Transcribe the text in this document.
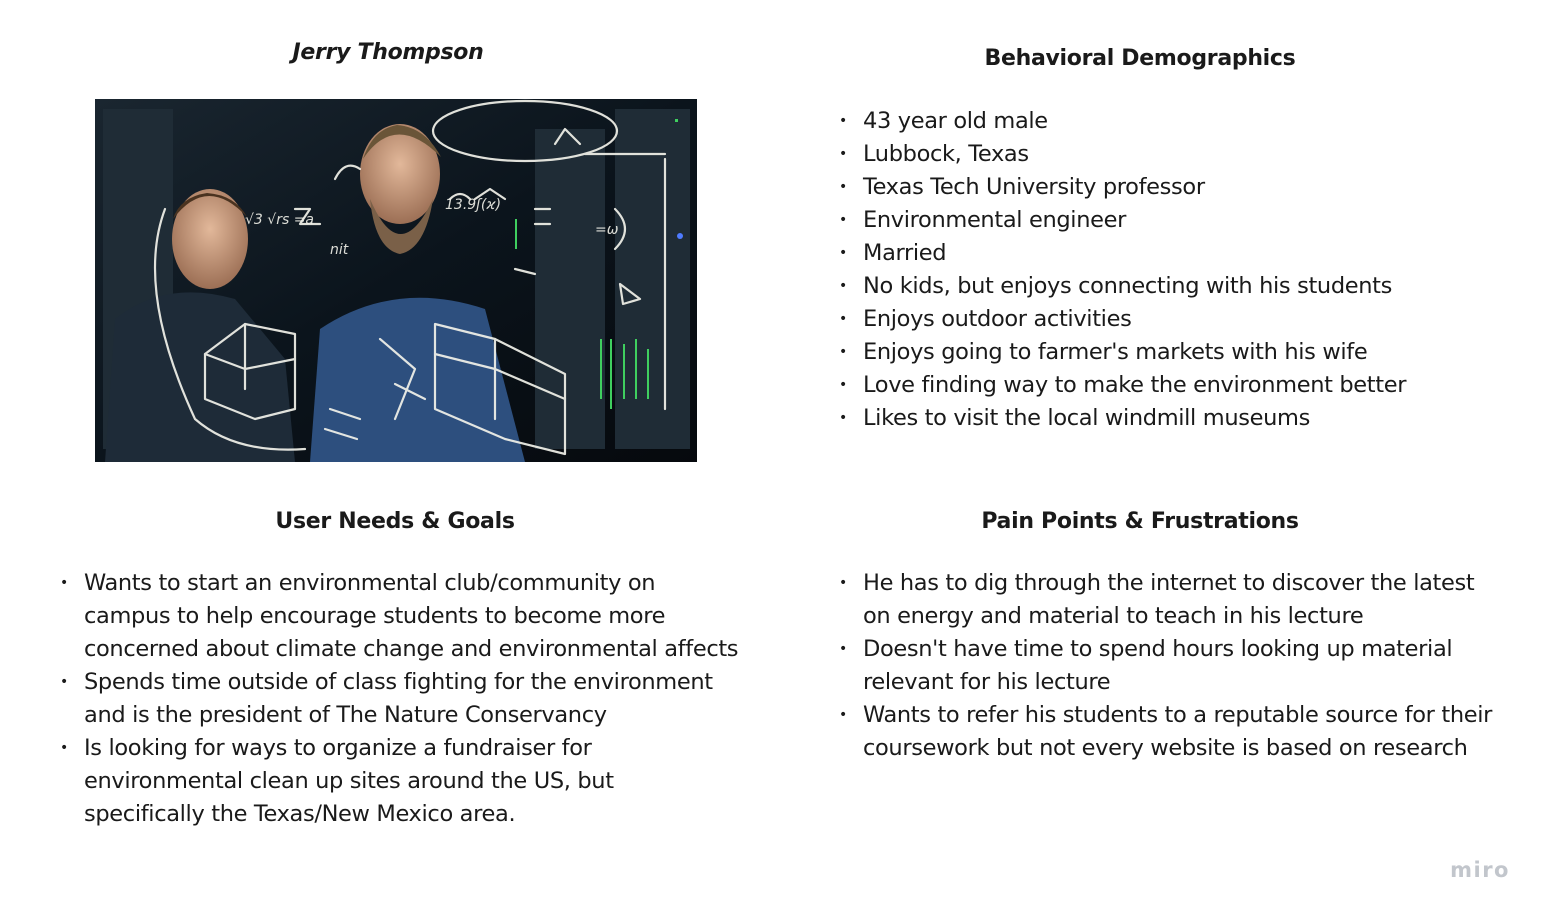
Jerry Thompson
√3 √rs =a
13.9ʃ(ϰ)
nit
=ω
Behavioral Demographics
• 43 year old male
• Lubbock, Texas
• Texas Tech University professor
• Environmental engineer
• Married
• No kids, but enjoys connecting with his students
• Enjoys outdoor activities
• Enjoys going to farmer's markets with his wife
• Love finding way to make the environment better
• Likes to visit the local windmill museums
User Needs & Goals
• Wants to start an environmental club/community on campus to help encourage students to become more concerned about climate change and environmental affects
• Spends time outside of class fighting for the environment and is the president of The Nature Conservancy
• Is looking for ways to organize a fundraiser for environmental clean up sites around the US, but specifically the Texas/New Mexico area.
Pain Points & Frustrations
• He has to dig through the internet to discover the latest on energy and material to teach in his lecture
• Doesn't have time to spend hours looking up material relevant for his lecture
• Wants to refer his students to a reputable source for their coursework but not every website is based on research
miro
